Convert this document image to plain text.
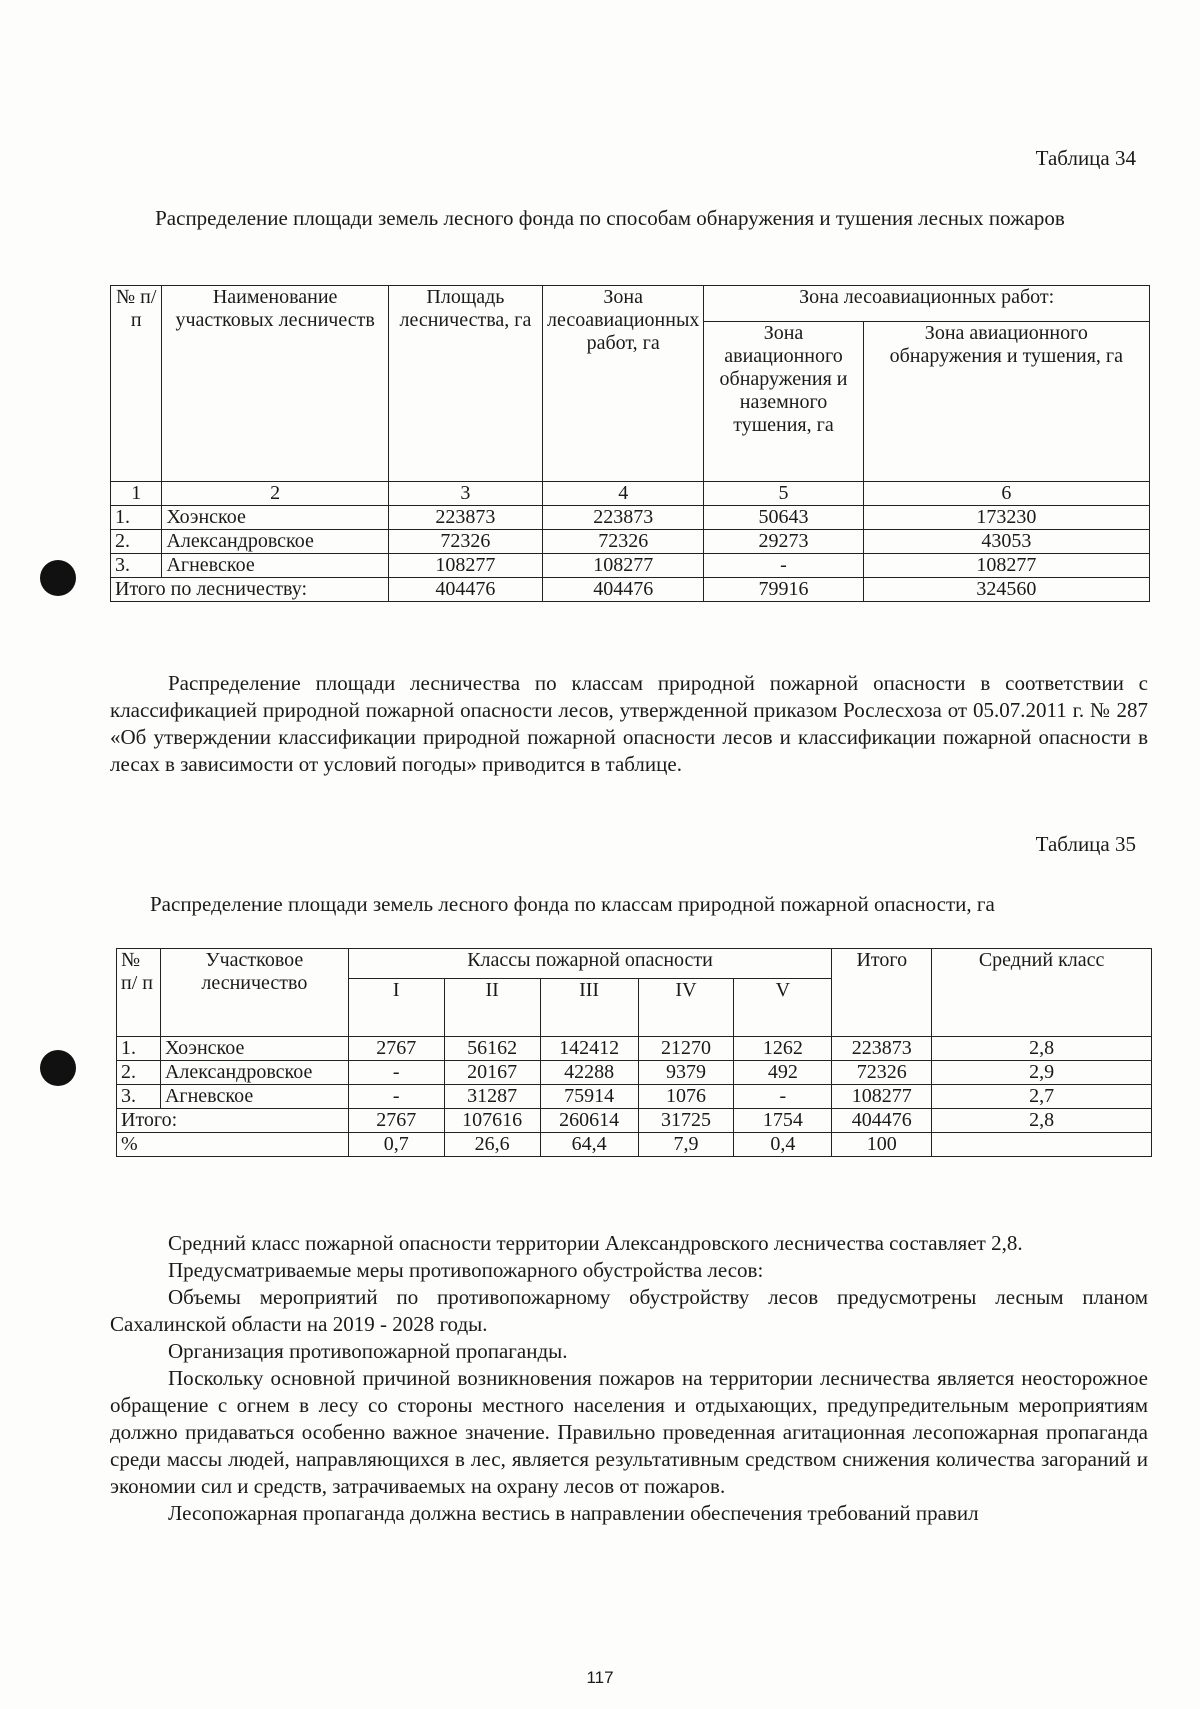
Таблица 34
Распределение площади земель лесного фонда по способам обнаружения и тушения лесных пожаров
№ п/ п	Наименование участковых лесничеств	Площадь лесничества, га	Зона лесоавиационных работ, га	Зона лесоавиационных работ:	
				Зона авиационного обнаружения и наземного тушения, га	Зона авиационного обнаружения и тушения, га
1	2	3	4	5	6
1.	Хоэнское	223873	223873	50643	173230
2.	Александровское	72326	72326	29273	43053
3.	Агневское	108277	108277	-	108277
Итого по лесничеству:		404476	404476	79916	324560
Распределение площади лесничества по классам природной пожарной опасности в соответствии с классификацией природной пожарной опасности лесов, утвержденной приказом Рослесхоза от 05.07.2011 г. № 287 «Об утверждении классификации природной пожарной опасности лесов и классификации пожарной опасности в лесах в зависимости от условий погоды» приводится в таблице.
Таблица 35
Распределение площади земель лесного фонда по классам природной пожарной опасности, га
№ п/ п	Участковое лесничество	Классы пожарной опасности					Итого	Средний класс
		I	II	III	IV	V		
1.	Хоэнское	2767	56162	142412	21270	1262	223873	2,8
2.	Александровское	-	20167	42288	9379	492	72326	2,9
3.	Агневское	-	31287	75914	1076	-	108277	2,7
Итого:		2767	107616	260614	31725	1754	404476	2,8
%		0,7	26,6	64,4	7,9	0,4	100	

Средний класс пожарной опасности территории Александровского лесничества составляет 2,8.

Предусматриваемые меры противопожарного обустройства лесов:

Объемы мероприятий по противопожарному обустройству лесов предусмотрены лесным планом Сахалинской области на 2019 - 2028 годы.

Организация противопожарной пропаганды.

Поскольку основной причиной возникновения пожаров на территории лесничества является неосторожное обращение с огнем в лесу со стороны местного населения и отдыхающих, предупредительным мероприятиям должно придаваться особенно важное значение. Правильно проведенная агитационная лесопожарная пропаганда среди массы людей, направляющихся в лес, является результативным средством снижения количества загораний и экономии сил и средств, затрачиваемых на охрану лесов от пожаров.

Лесопожарная пропаганда должна вестись в направлении обеспечения требований правил

117
